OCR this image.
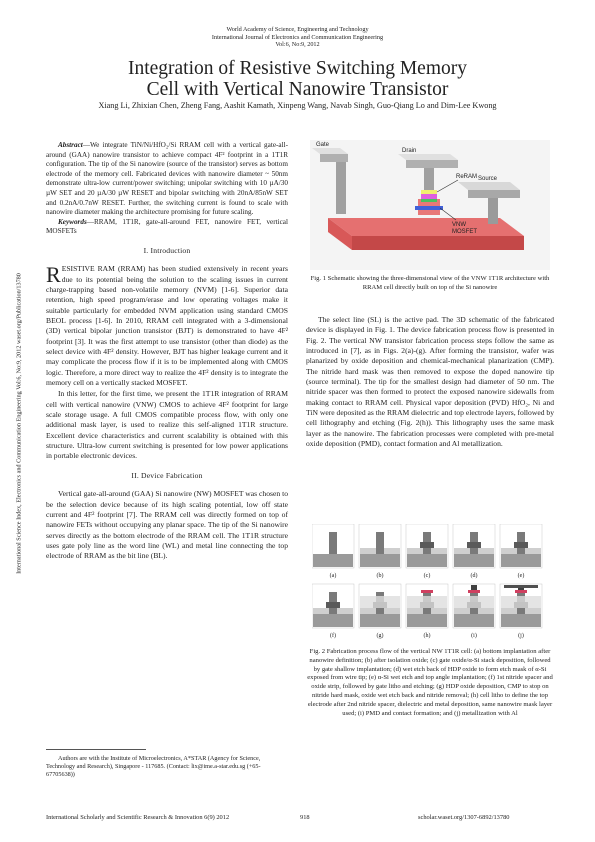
World Academy of Science, Engineering and Technology
International Journal of Electronics and Communication Engineering
Vol:6, No:9, 2012
Integration of Resistive Switching Memory
Cell with Vertical Nanowire Transistor
Xiang Li, Zhixian Chen, Zheng Fang, Aashit Kamath, Xinpeng Wang, Navab Singh, Guo-Qiang Lo and Dim-Lee Kwong
International Science Index, Electronics and Communication Engineering Vol:6, No:9, 2012 waset.org/Publication/13780

Abstract—We integrate TiN/Ni/HfO₂/Si RRAM cell with a vertical gate-all-around (GAA) nanowire transistor to achieve compact 4F² footprint in a 1T1R configuration. The tip of the Si nanowire (source of the transistor) serves as bottom electrode of the memory cell. Fabricated devices with nanowire diameter ~ 50nm demonstrate ultra-low current/power switching; unipolar switching with 10 µA/30 µW SET and 20 µA/30 µW RESET and bipolar switching with 20nA/85nW SET and 0.2nA/0.7nW RESET. Further, the switching current is found to scale with nanowire diameter making the architecture promising for future scaling.

Keywords—RRAM, 1T1R, gate-all-around FET, nanowire FET, vertical MOSFETs

I. Introduction

RESISTIVE RAM (RRAM) has been studied extensively in recent years due to its potential being the solution to the scaling issues in current charge-trapping based non-volatile memory (NVM) [1-6]. Superior data retention, high speed program/erase and low operating voltages make it suitable particularly for embedded NVM application using standard CMOS BEOL process [1-6]. In 2010, RRAM cell integrated with a 3-dimensional (3D) vertical bipolar junction transistor (BJT) is demonstrated to have 4F² footprint [3]. It was the first attempt to use transistor (other than diode) as the select device with 4F² density. However, BJT has higher leakage current and it may complicate the process flow if it is to be implemented along with CMOS logic. Therefore, a more direct way to realize the 4F² density is to integrate the memory cell on a vertically stacked MOSFET.

In this letter, for the first time, we present the 1T1R integration of RRAM cell with vertical nanowire (VNW) CMOS to achieve 4F² footprint for large scale storage usage. A full CMOS compatible process flow, with only one additional mask layer, is used to realize this self-aligned 1T1R structure. Excellent device characteristics and current scalability is obtained with this structure. Ultra-low current switching is presented for low power applications in portable electronic devices.

II. Device Fabrication

Vertical gate-all-around (GAA) Si nanowire (NW) MOSFET was chosen to be the selection device because of its high scaling potential, low off state current and 4F² footprint [7]. The RRAM cell was directly formed on top of nanowire FETs without occupying any planar space. The tip of the Si nanowire serves directly as the bottom electrode of the RRAM cell. The 1T1R structure uses gate poly line as the word line (WL) and metal line connecting the top electrode of RRAM as the bit line (BL).

Authors are with the Institute of Microelectronics, A*STAR (Agency for Science, Technology and Research), Singapore - 117685. (Contact: lix@ime.a-star.edu.sg (+65-67705638))
Gate
Drain
ReRAM Source
VNW
MOSFET
Fig. 1 Schematic showing the three-dimensional view of the VNW 1T1R architecture with RRAM cell directly built on top of the Si nanowire

The select line (SL) is the active pad. The 3D schematic of the fabricated device is displayed in Fig. 1. The device fabrication process flow is presented in Fig. 2. The vertical NW transistor fabrication process steps follow the same as introduced in [7], as in Figs. 2(a)-(g). After forming the transistor, wafer was planarized by oxide deposition and chemical-mechanical planarization (CMP). The nitride hard mask was then removed to expose the doped nanowire tip (source terminal). The tip for the smallest design had diameter of 50 nm. The nitride spacer was then formed to protect the exposed nanowire sidewalls from making contact to RRAM cell. Physical vapor deposition (PVD) HfO₂, Ni and TiN were deposited as the RRAM dielectric and top electrode layers, followed by cell lithography and etching (Fig. 2(h)). This lithography uses the same mask layer as the nanowire. The fabrication processes were completed with pre-metal oxide deposition (PMD), contact formation and Al metallization.

(a)	(b)	(c)	(d)	(e)
(f)	(g)	(h)	(i)	(j)
Fig. 2 Fabrication process flow of the vertical NW 1T1R cell: (a) bottom implantation after nanowire definition; (b) after isolation oxide; (c) gate oxide/α-Si stack deposition, followed by gate shallow implantation; (d) wet etch back of HDP oxide to form etch mask of α-Si exposed from wire tip; (e) α-Si wet etch and top angle implantation; (f) 1st nitride spacer and oxide strip, followed by gate litho and etching; (g) HDP oxide deposition, CMP to stop on nitride hard mask, oxide wet etch back and nitride removal; (h) cell litho to define the top electrode after 2nd nitride spacer, dielectric and metal deposition, same nanowire mask layer used; (i) PMD and contact formation; and (j) metallization with Al
International Scholarly and Scientific Research & Innovation 6(9) 2012	918	scholar.waset.org/1307-6892/13780
